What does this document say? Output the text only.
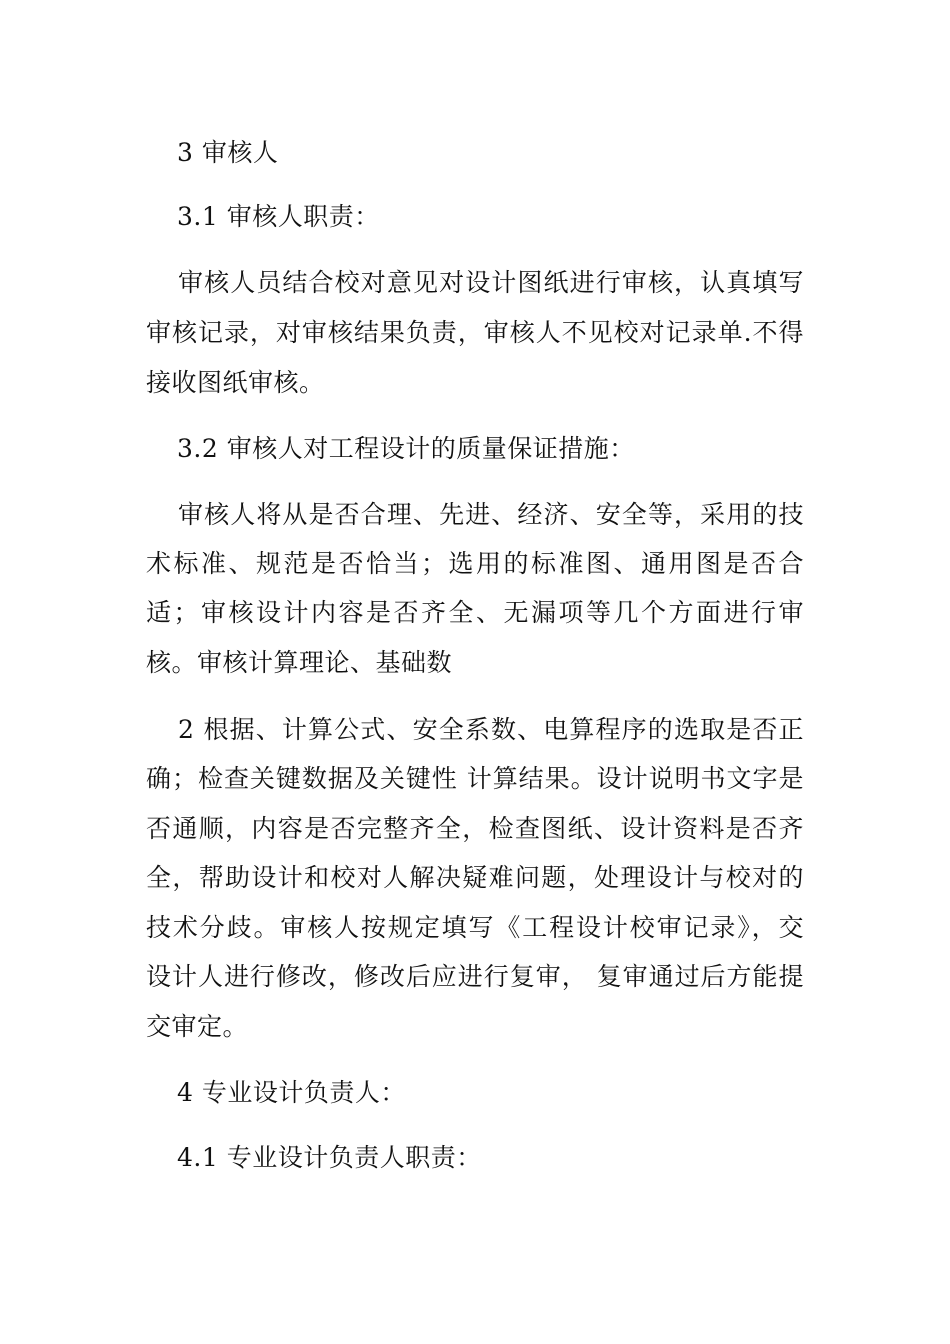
3 审核人
3.1 审核人职责：
审核人员结合校对意见对设计图纸进行审核，认真填写
审核记录，对审核结果负责，审核人不见校对记录单.不得
接收图纸审核。
3.2 审核人对工程设计的质量保证措施：
审核人将从是否合理、先进、经济、安全等，采用的技
术标准、规范是否恰当；选用的标准图、通用图是否合
适；审核设计内容是否齐全、无漏项等几个方面进行审
核。审核计算理论、基础数
2 根据、计算公式、安全系数、电算程序的选取是否正
确；检查关键数据及关键性 计算结果。设计说明书文字是
否通顺，内容是否完整齐全，检查图纸、设计资料是否齐
全，帮助设计和校对人解决疑难问题，处理设计与校对的
技术分歧。审核人按规定填写《工程设计校审记录》，交
设计人进行修改，修改后应进行复审， 复审通过后方能提
交审定。
4 专业设计负责人：
4.1 专业设计负责人职责：
